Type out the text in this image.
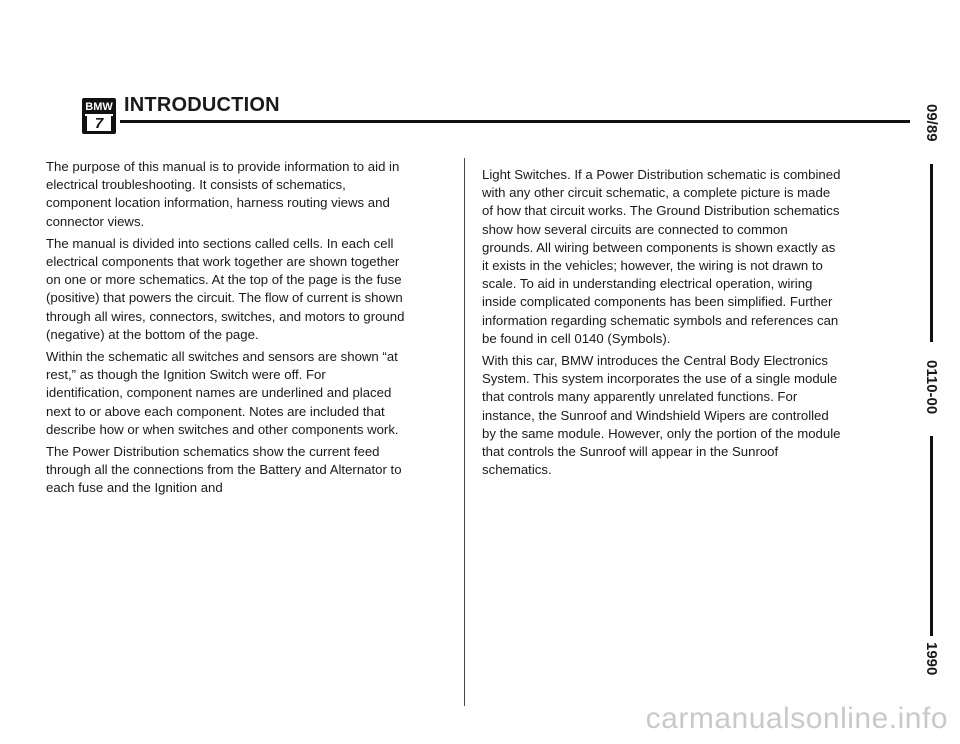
BMW
7
INTRODUCTION

The purpose of this manual is to provide information to aid in electrical troubleshooting. It consists of schematics, component location information, harness routing views and connector views.

The manual is divided into sections called cells. In each cell electrical components that work together are shown together on one or more schematics. At the top of the page is the fuse (positive) that powers the circuit. The flow of current is shown through all wires, connectors, switches, and motors to ground (negative) at the bottom of the page.

Within the schematic all switches and sensors are shown “at rest,” as though the Ignition Switch were off. For identification, component names are underlined and placed next to or above each component. Notes are included that describe how or when switches and other components work.

The Power Distribution schematics show the current feed through all the connections from the Battery and Alternator to each fuse and the Ignition and

Light Switches. If a Power Distribution schematic is combined with any other circuit schematic, a complete picture is made of how that circuit works. The Ground Distribution schematics show how several circuits are connected to common grounds. All wiring between components is shown exactly as it exists in the vehicles; however, the wiring is not drawn to scale. To aid in understanding electrical operation, wiring inside complicated components has been simplified. Further information regarding schematic symbols and references can be found in cell 0140 (Symbols).

With this car, BMW introduces the Central Body Electronics System. This system incorporates the use of a single module that controls many apparently unrelated functions. For instance, the Sunroof and Windshield Wipers are controlled by the same module. However, only the portion of the module that controls the Sunroof will appear in the Sunroof schematics.

09/89
0110-00
1990
carmanualsonline.info
